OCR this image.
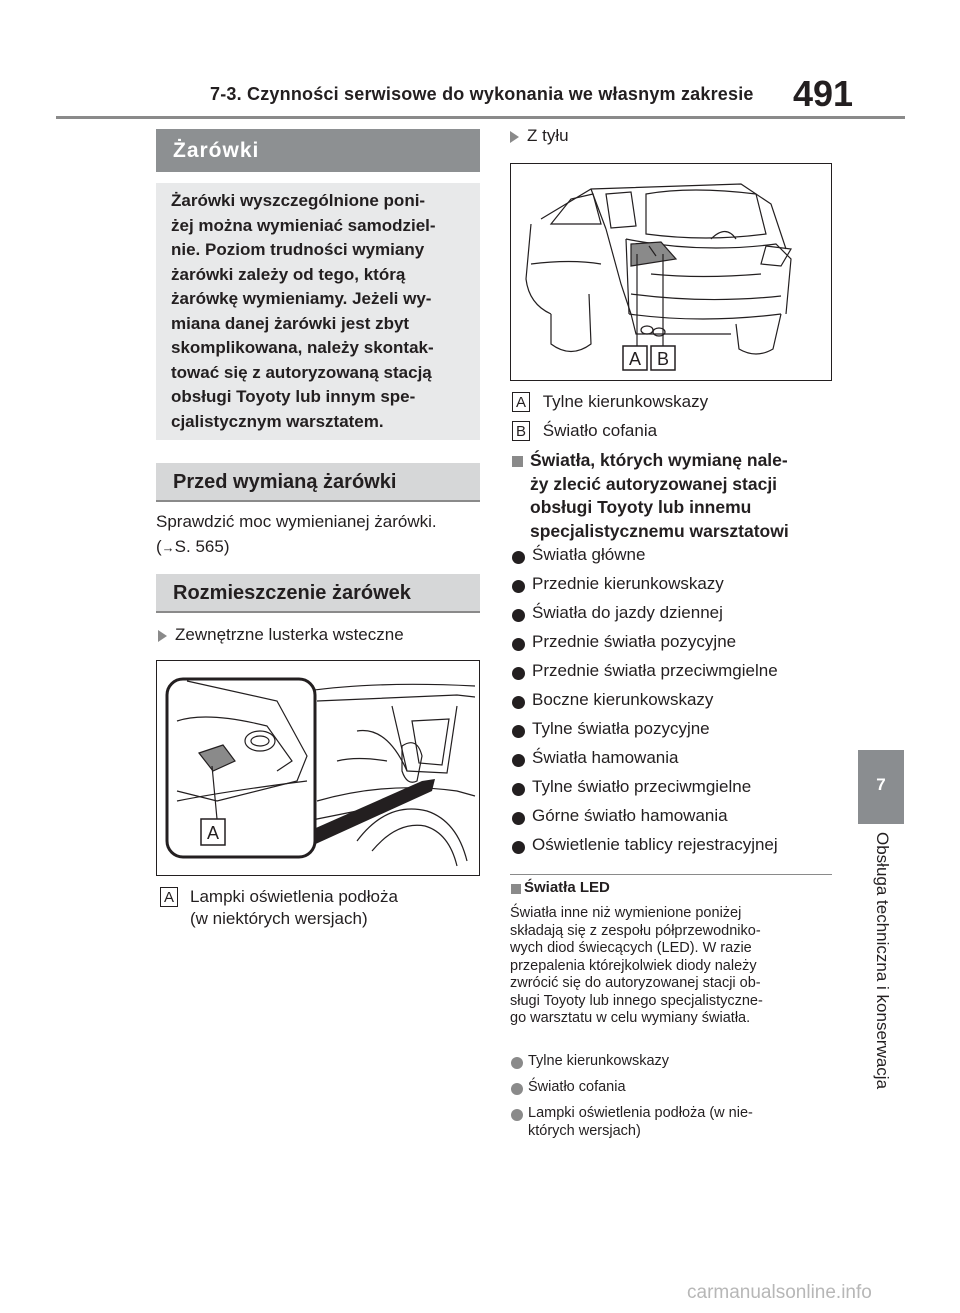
7-3. Czynności serwisowe do wykonania we własnym zakresie 491
7
Obsługa techniczna i konserwacja
Żarówki
Żarówki wyszczególnione poni-
żej można wymieniać samodziel-
nie. Poziom trudności wymiany
żarówki zależy od tego, którą
żarówkę wymieniamy. Jeżeli wy-
miana danej żarówki jest zbyt
skomplikowana, należy skontak-
tować się z autoryzowaną stacją
obsługi Toyoty lub innym spe-
cjalistycznym warsztatem.
Przed wymianą żarówki
Sprawdzić moc wymienianej żarówki.
(→S. 565)
Rozmieszczenie żarówek
Zewnętrzne lusterka wsteczne
A
A Lampki oświetlenia podłoża
(w niektórych wersjach)
Z tyłu
A B
A Tylne kierunkowskazy
B Światło cofania
Światła, których wymianę nale-
ży zlecić autoryzowanej stacji
obsługi Toyoty lub innemu
specjalistycznemu warsztatowi
Światła główne
Przednie kierunkowskazy
Światła do jazdy dziennej
Przednie światła pozycyjne
Przednie światła przeciwmgielne
Boczne kierunkowskazy
Tylne światła pozycyjne
Światła hamowania
Tylne światło przeciwmgielne
Górne światło hamowania
Oświetlenie tablicy rejestracyjnej
Światła LED
Światła inne niż wymienione poniżej
składają się z zespołu półprzewodniko-
wych diod świecących (LED). W razie
przepalenia którejkolwiek diody należy
zwrócić się do autoryzowanej stacji ob-
sługi Toyoty lub innego specjalistyczne-
go warsztatu w celu wymiany światła.
Tylne kierunkowskazy
Światło cofania
Lampki oświetlenia podłoża (w nie-
których wersjach)
carmanualsonline.info
